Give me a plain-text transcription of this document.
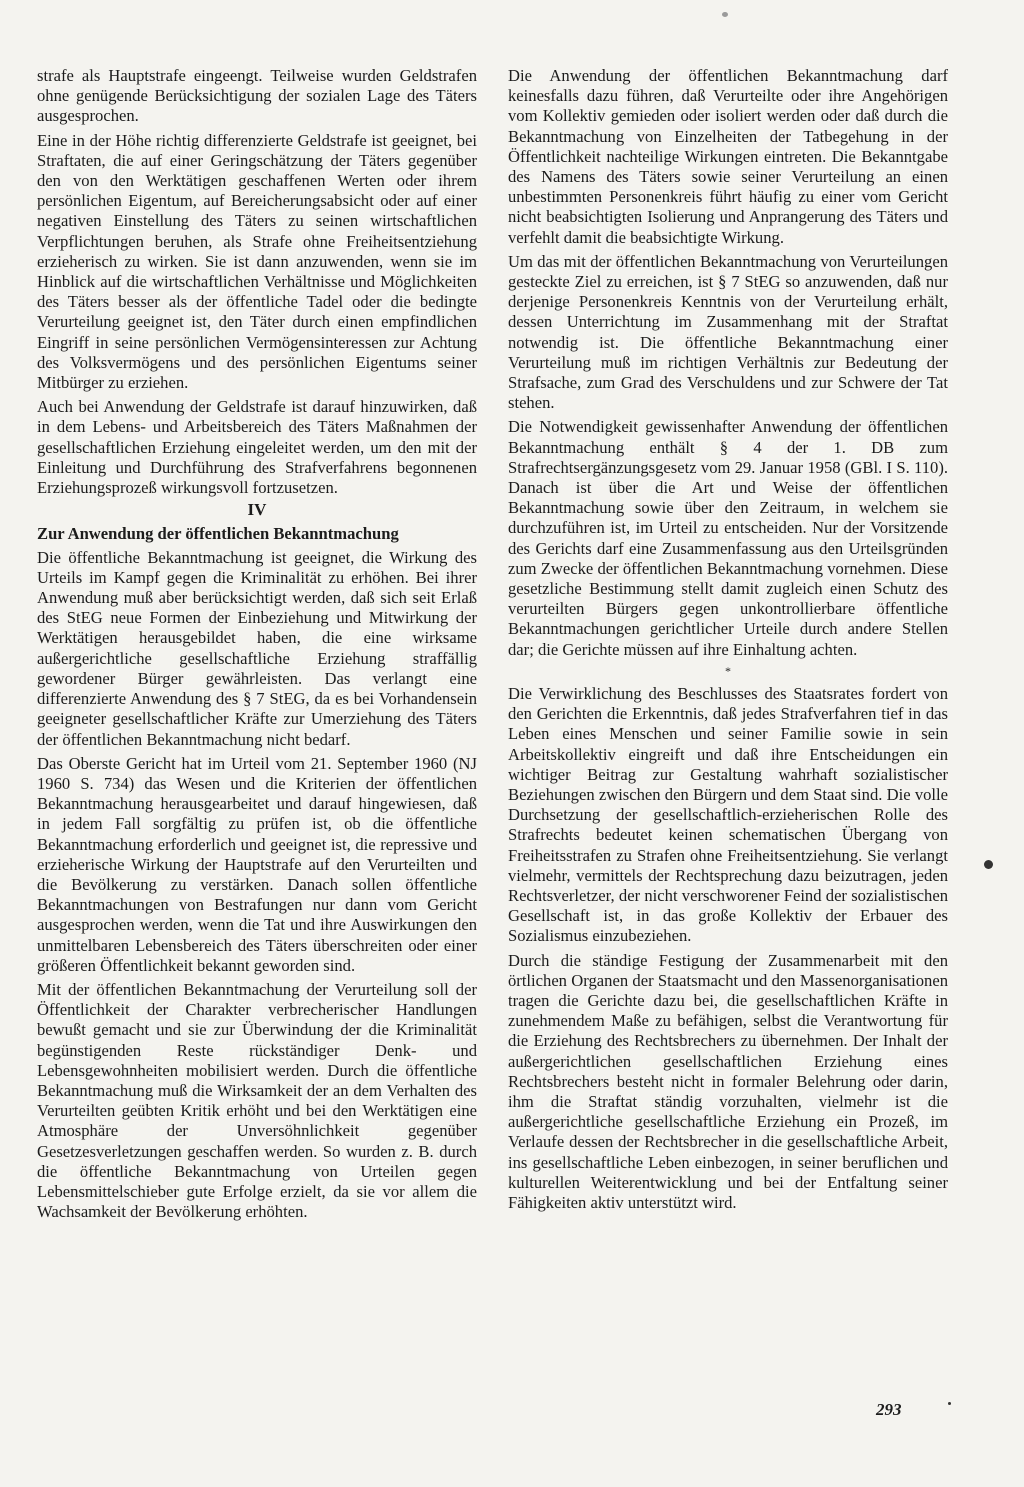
strafe als Hauptstrafe eingeengt. Teilweise wurden Geldstrafen ohne genügende Berücksichtigung der sozialen Lage des Täters ausgesprochen.

Eine in der Höhe richtig differenzierte Geldstrafe ist geeignet, bei Straftaten, die auf einer Geringschätzung der Täters gegenüber den von den Werktätigen geschaffenen Werten oder ihrem persönlichen Eigentum, auf Bereicherungsabsicht oder auf einer negativen Einstellung des Täters zu seinen wirtschaftlichen Verpflichtungen beruhen, als Strafe ohne Freiheitsentziehung erzieherisch zu wirken. Sie ist dann anzuwenden, wenn sie im Hinblick auf die wirtschaftlichen Verhältnisse und Möglichkeiten des Täters besser als der öffentliche Tadel oder die bedingte Verurteilung geeignet ist, den Täter durch einen empfindlichen Eingriff in seine persönlichen Vermögensinteressen zur Achtung des Volksvermögens und des persönlichen Eigentums seiner Mitbürger zu erziehen.

Auch bei Anwendung der Geldstrafe ist darauf hinzuwirken, daß in dem Lebens- und Arbeitsbereich des Täters Maßnahmen der gesellschaftlichen Erziehung eingeleitet werden, um den mit der Einleitung und Durchführung des Strafverfahrens begonnenen Erziehungsprozeß wirkungsvoll fortzusetzen.

IV
Zur Anwendung der öffentlichen Bekanntmachung

Die öffentliche Bekanntmachung ist geeignet, die Wirkung des Urteils im Kampf gegen die Kriminalität zu erhöhen. Bei ihrer Anwendung muß aber berücksichtigt werden, daß sich seit Erlaß des StEG neue Formen der Einbeziehung und Mitwirkung der Werktätigen herausgebildet haben, die eine wirksame außergerichtliche gesellschaftliche Erziehung straffällig gewordener Bürger gewährleisten. Das verlangt eine differenzierte Anwendung des § 7 StEG, da es bei Vorhandensein geeigneter gesellschaftlicher Kräfte zur Umerziehung des Täters der öffentlichen Bekanntmachung nicht bedarf.

Das Oberste Gericht hat im Urteil vom 21. September 1960 (NJ 1960 S. 734) das Wesen und die Kriterien der öffentlichen Bekanntmachung herausgearbeitet und darauf hingewiesen, daß in jedem Fall sorgfältig zu prüfen ist, ob die öffentliche Bekanntmachung erforderlich und geeignet ist, die repressive und erzieherische Wirkung der Hauptstrafe auf den Verurteilten und die Bevölkerung zu verstärken. Danach sollen öffentliche Bekanntmachungen von Bestrafungen nur dann vom Gericht ausgesprochen werden, wenn die Tat und ihre Auswirkungen den unmittelbaren Lebensbereich des Täters überschreiten oder einer größeren Öffentlichkeit bekannt geworden sind.

Mit der öffentlichen Bekanntmachung der Verurteilung soll der Öffentlichkeit der Charakter verbrecherischer Handlungen bewußt gemacht und sie zur Überwindung der die Kriminalität begünstigenden Reste rückständiger Denk- und Lebensgewohnheiten mobilisiert werden. Durch die öffentliche Bekanntmachung muß die Wirksamkeit der an dem Verhalten des Verurteilten geübten Kritik erhöht und bei den Werktätigen eine Atmosphäre der Unversöhnlichkeit gegenüber Gesetzesverletzungen geschaffen werden. So wurden z. B. durch die öffentliche Bekanntmachung von Urteilen gegen Lebensmittelschieber gute Erfolge erzielt, da sie vor allem die Wachsamkeit der Bevölkerung erhöhten.

Die Anwendung der öffentlichen Bekanntmachung darf keinesfalls dazu führen, daß Verurteilte oder ihre Angehörigen vom Kollektiv gemieden oder isoliert werden oder daß durch die Bekanntmachung von Einzelheiten der Tatbegehung in der Öffentlichkeit nachteilige Wirkungen eintreten. Die Bekanntgabe des Namens des Täters sowie seiner Verurteilung an einen unbestimmten Personenkreis führt häufig zu einer vom Gericht nicht beabsichtigten Isolierung und Anprangerung des Täters und verfehlt damit die beabsichtigte Wirkung.

Um das mit der öffentlichen Bekanntmachung von Verurteilungen gesteckte Ziel zu erreichen, ist § 7 StEG so anzuwenden, daß nur derjenige Personenkreis Kenntnis von der Verurteilung erhält, dessen Unterrichtung im Zusammenhang mit der Straftat notwendig ist. Die öffentliche Bekanntmachung einer Verurteilung muß im richtigen Verhältnis zur Bedeutung der Strafsache, zum Grad des Verschuldens und zur Schwere der Tat stehen.

Die Notwendigkeit gewissenhafter Anwendung der öffentlichen Bekanntmachung enthält § 4 der 1. DB zum Strafrechtsergänzungsgesetz vom 29. Januar 1958 (GBl. I S. 110). Danach ist über die Art und Weise der öffentlichen Bekanntmachung sowie über den Zeitraum, in welchem sie durchzuführen ist, im Urteil zu entscheiden. Nur der Vorsitzende des Gerichts darf eine Zusammenfassung aus den Urteilsgründen zum Zwecke der öffentlichen Bekanntmachung vornehmen. Diese gesetzliche Bestimmung stellt damit zugleich einen Schutz des verurteilten Bürgers gegen unkontrollierbare öffentliche Bekanntmachungen gerichtlicher Urteile durch andere Stellen dar; die Gerichte müssen auf ihre Einhaltung achten.

*

Die Verwirklichung des Beschlusses des Staatsrates fordert von den Gerichten die Erkenntnis, daß jedes Strafverfahren tief in das Leben eines Menschen und seiner Familie sowie in sein Arbeitskollektiv eingreift und daß ihre Entscheidungen ein wichtiger Beitrag zur Gestaltung wahrhaft sozialistischer Beziehungen zwischen den Bürgern und dem Staat sind. Die volle Durchsetzung der gesellschaftlich-erzieherischen Rolle des Strafrechts bedeutet keinen schematischen Übergang von Freiheitsstrafen zu Strafen ohne Freiheitsentziehung. Sie verlangt vielmehr, vermittels der Rechtsprechung dazu beizutragen, jeden Rechtsverletzer, der nicht verschworener Feind der sozialistischen Gesellschaft ist, in das große Kollektiv der Erbauer des Sozialismus einzubeziehen.

Durch die ständige Festigung der Zusammenarbeit mit den örtlichen Organen der Staatsmacht und den Massenorganisationen tragen die Gerichte dazu bei, die gesellschaftlichen Kräfte in zunehmendem Maße zu befähigen, selbst die Verantwortung für die Erziehung des Rechtsbrechers zu übernehmen. Der Inhalt der außergerichtlichen gesellschaftlichen Erziehung eines Rechtsbrechers besteht nicht in formaler Belehrung oder darin, ihm die Straftat ständig vorzuhalten, vielmehr ist die außergerichtliche gesellschaftliche Erziehung ein Prozeß, im Verlaufe dessen der Rechtsbrecher in die gesellschaftliche Arbeit, ins gesellschaftliche Leben einbezogen, in seiner beruflichen und kulturellen Weiterentwicklung und bei der Entfaltung seiner Fähigkeiten aktiv unterstützt wird.

293
